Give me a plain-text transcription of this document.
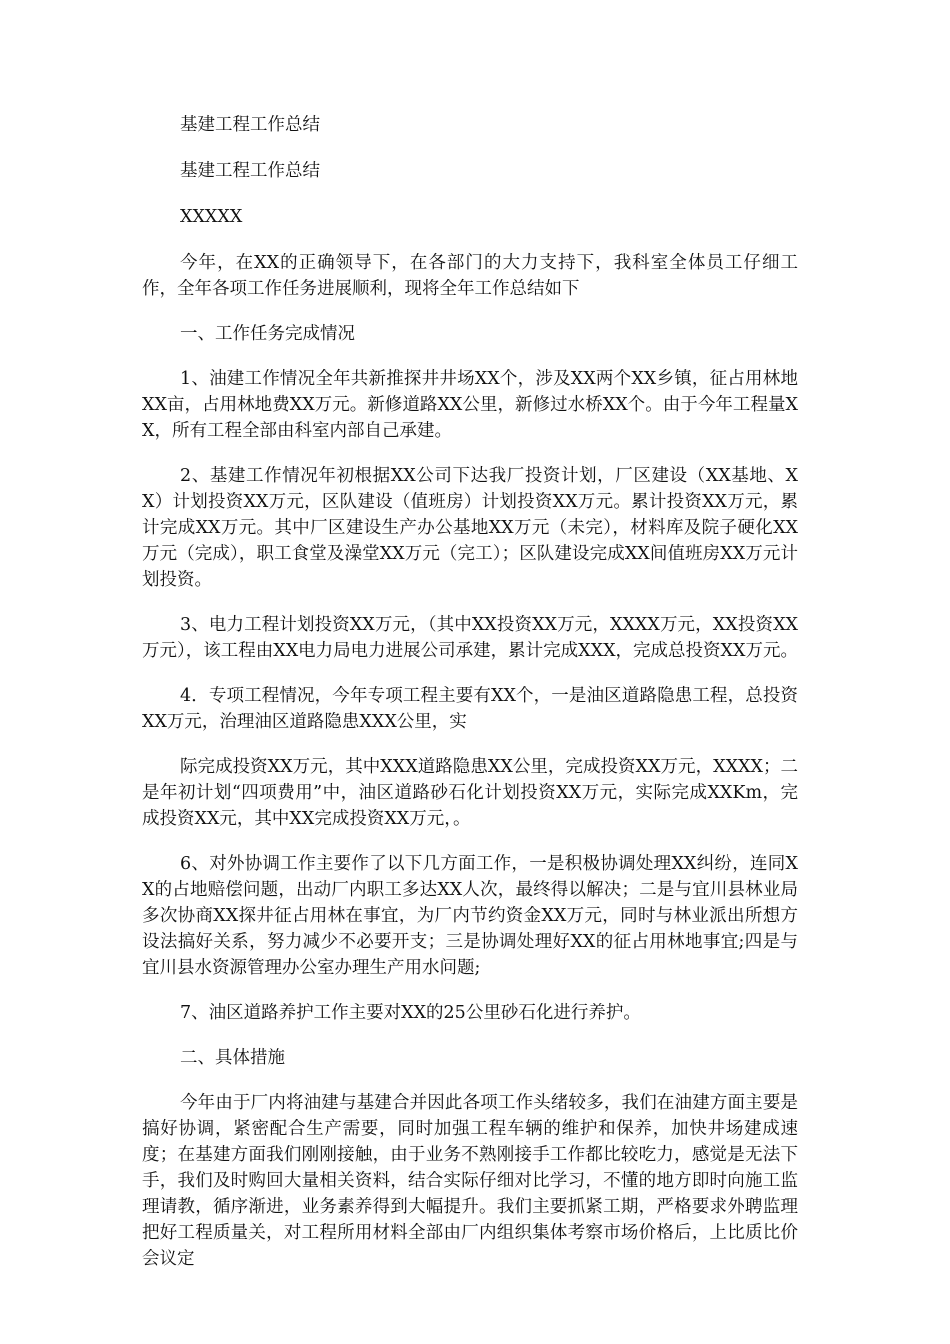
基建工程工作总结

基建工程工作总结

XXXXX

今年，在XX的正确领导下，在各部门的大力支持下，我科室全体员工仔细工作，全年各项工作任务进展顺利，现将全年工作总结如下

一、工作任务完成情况

1、油建工作情况全年共新推探井井场XX个，涉及XX两个XX乡镇，征占用林地XX亩，占用林地费XX万元。新修道路XX公里，新修过水桥XX个。由于今年工程量XX，所有工程全部由科室内部自己承建。

2、基建工作情况年初根据XX公司下达我厂投资计划，厂区建设（XX基地、XX）计划投资XX万元，区队建设（值班房）计划投资XX万元。累计投资XX万元，累计完成XX万元。其中厂区建设生产办公基地XX万元（未完），材料库及院子硬化XX万元（完成），职工食堂及澡堂XX万元（完工）；区队建设完成XX间值班房XX万元计划投资。

3、电力工程计划投资XX万元，（其中XX投资XX万元，XXXX万元，XX投资XX万元），该工程由XX电力局电力进展公司承建，累计完成XXX，完成总投资XX万元。

4．专项工程情况，今年专项工程主要有XX个，一是油区道路隐患工程，总投资XX万元，治理油区道路隐患XXX公里，实

际完成投资XX万元，其中XXX道路隐患XX公里，完成投资XX万元，XXXX；二是年初计划“四项费用”中，油区道路砂石化计划投资XX万元，实际完成XXKm，完成投资XX元，其中XX完成投资XX万元，。

6、对外协调工作主要作了以下几方面工作，一是积极协调处理XX纠纷，连同XX的占地赔偿问题，出动厂内职工多达XX人次，最终得以解决；二是与宜川县林业局多次协商XX探井征占用林在事宜，为厂内节约资金XX万元，同时与林业派出所想方设法搞好关系，努力减少不必要开支；三是协调处理好XX的征占用林地事宜;四是与宜川县水资源管理办公室办理生产用水问题;

7、油区道路养护工作主要对XX的25公里砂石化进行养护。

二、具体措施

今年由于厂内将油建与基建合并因此各项工作头绪较多，我们在油建方面主要是搞好协调，紧密配合生产需要，同时加强工程车辆的维护和保养，加快井场建成速度；在基建方面我们刚刚接触，由于业务不熟刚接手工作都比较吃力，感觉是无法下手，我们及时购回大量相关资料，结合实际仔细对比学习，不懂的地方即时向施工监理请教，循序渐进，业务素养得到大幅提升。我们主要抓紧工期，严格要求外聘监理把好工程质量关，对工程所用材料全部由厂内组织集体考察市场价格后，上比质比价会议定
